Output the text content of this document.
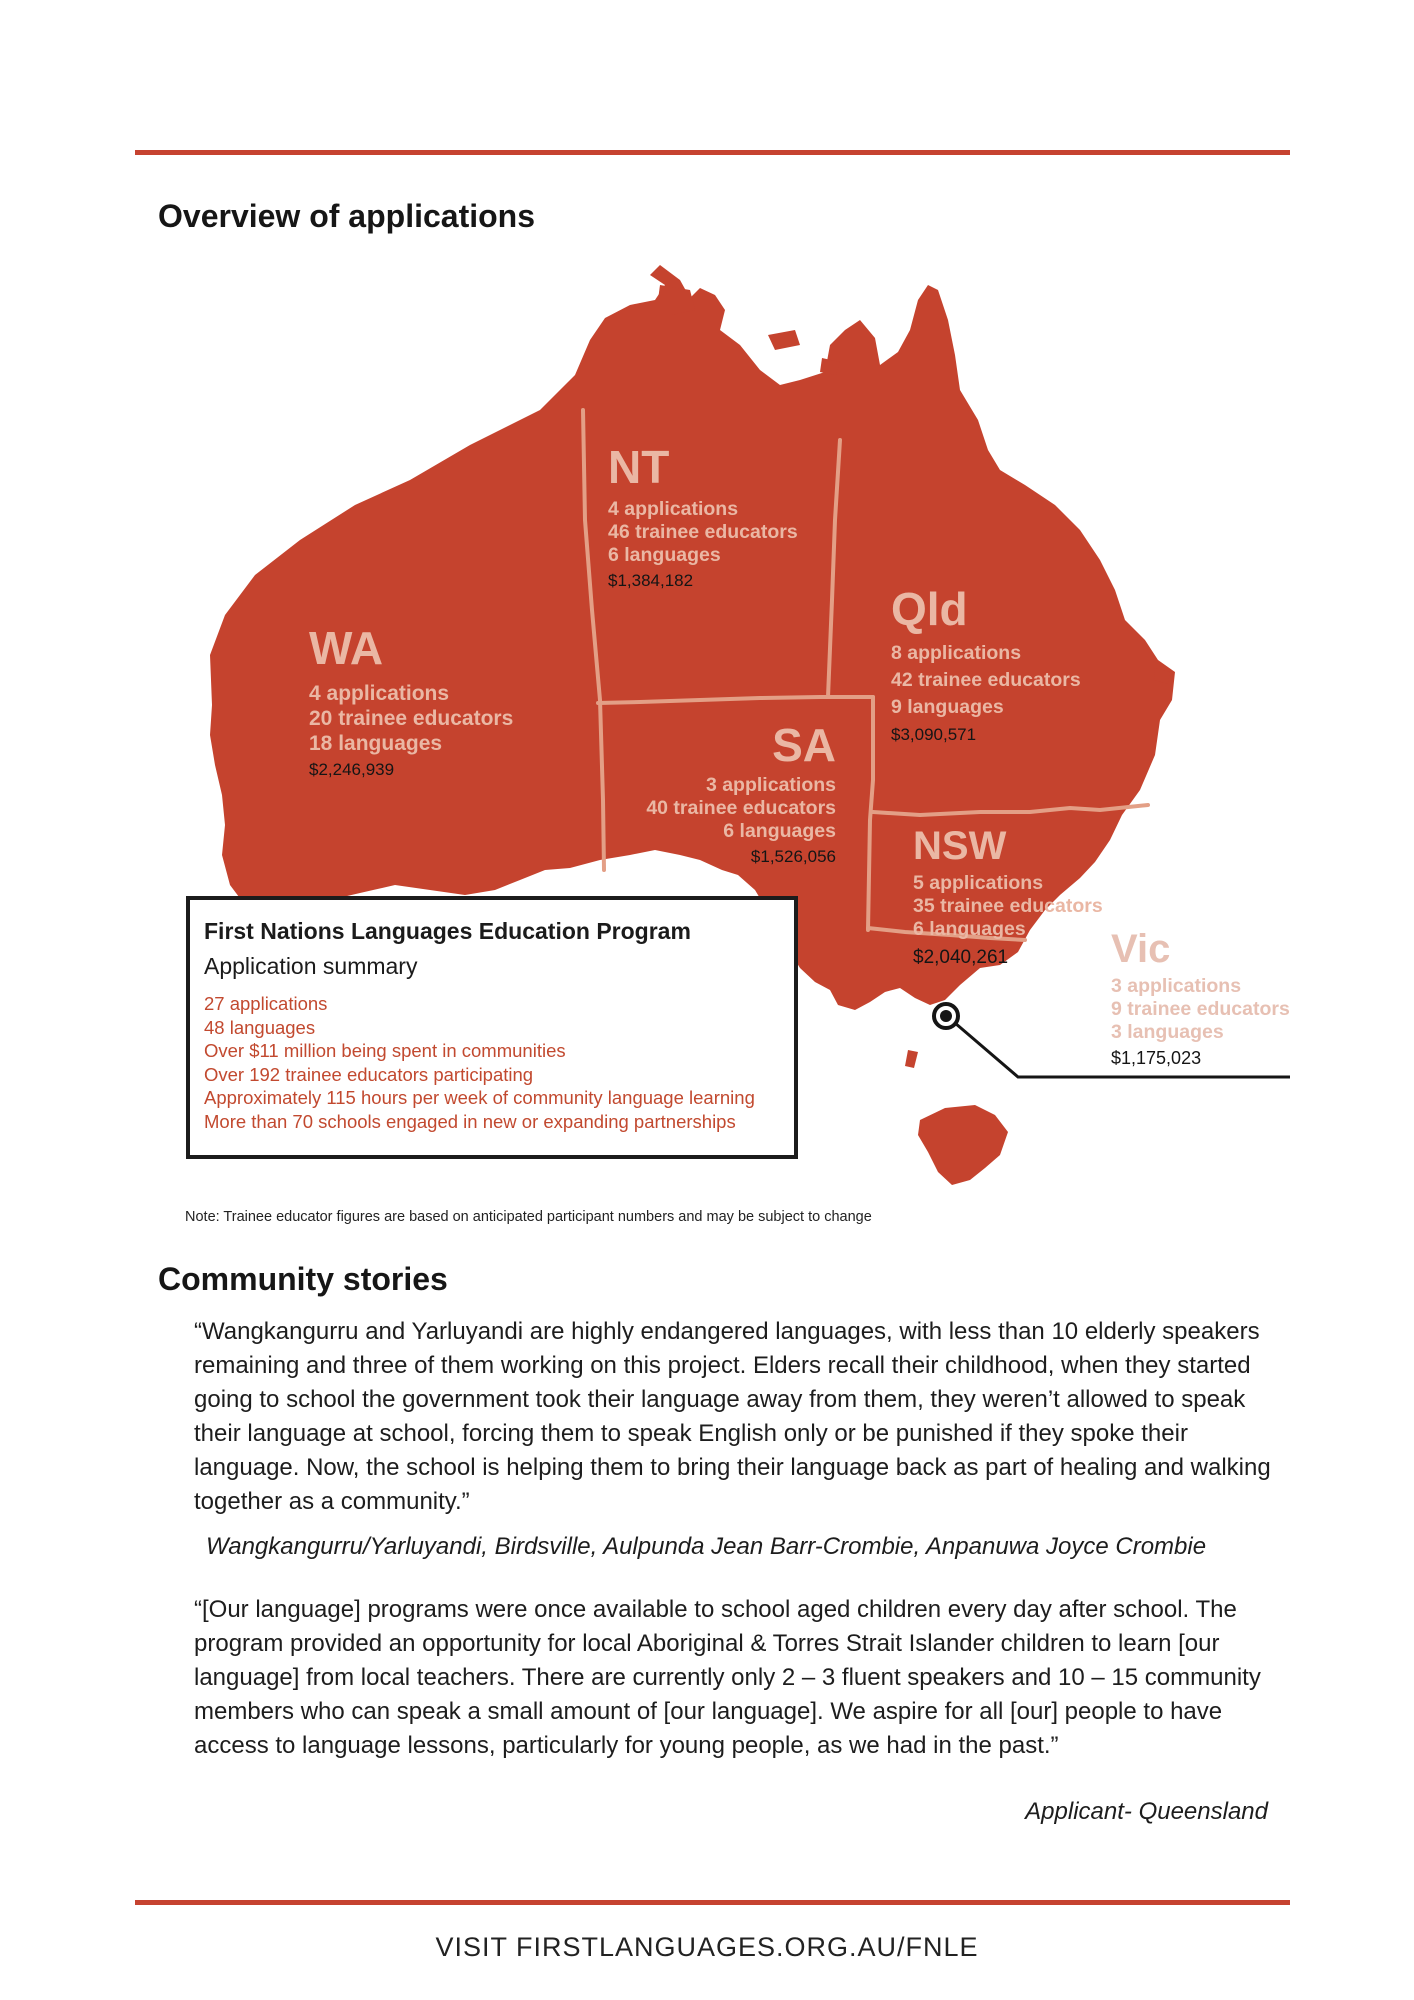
Overview of applications
NT
4 applications
46 trainee educators
6 languages
$1,384,182
WA
4 applications
20 trainee educators
18 languages
$2,246,939
Qld
8 applications
42 trainee educators
9 languages
$3,090,571
SA
3 applications
40 trainee educators
6 languages
$1,526,056 NSW
5 applications
35 trainee educators
6 languages
$2,040,261	Vic
3 applications
9 trainee educators
3 languages
$1,175,023
First Nations Languages Education Program
Application summary
27 applications
48 languages
Over $11 million being spent in communities
Over 192 trainee educators participating
Approximately 115 hours per week of community language learning
More than 70 schools engaged in new or expanding partnerships
Note: Trainee educator figures are based on anticipated participant numbers and may be subject to change
Community stories
“Wangkangurru and Yarluyandi are highly endangered languages, with less than 10 elderly speakers remaining and three of them working on this project. Elders recall their childhood, when they started going to school the government took their language away from them, they weren’t allowed to speak their language at school, forcing them to speak English only or be punished if they spoke their language. Now, the school is helping them to bring their language back as part of healing and walking together as a community.”
Wangkangurru/Yarluyandi, Birdsville, Aulpunda Jean Barr-Crombie, Anpanuwa Joyce Crombie
“[Our language] programs were once available to school aged children every day after school. The program provided an opportunity for local Aboriginal & Torres Strait Islander children to learn [our language] from local teachers. There are currently only 2 – 3 fluent speakers and 10 – 15 community members who can speak a small amount of [our language]. We aspire for all [our] people to have access to language lessons, particularly for young people, as we had in the past.”
Applicant- Queensland
VISIT FIRSTLANGUAGES.ORG.AU/FNLE
